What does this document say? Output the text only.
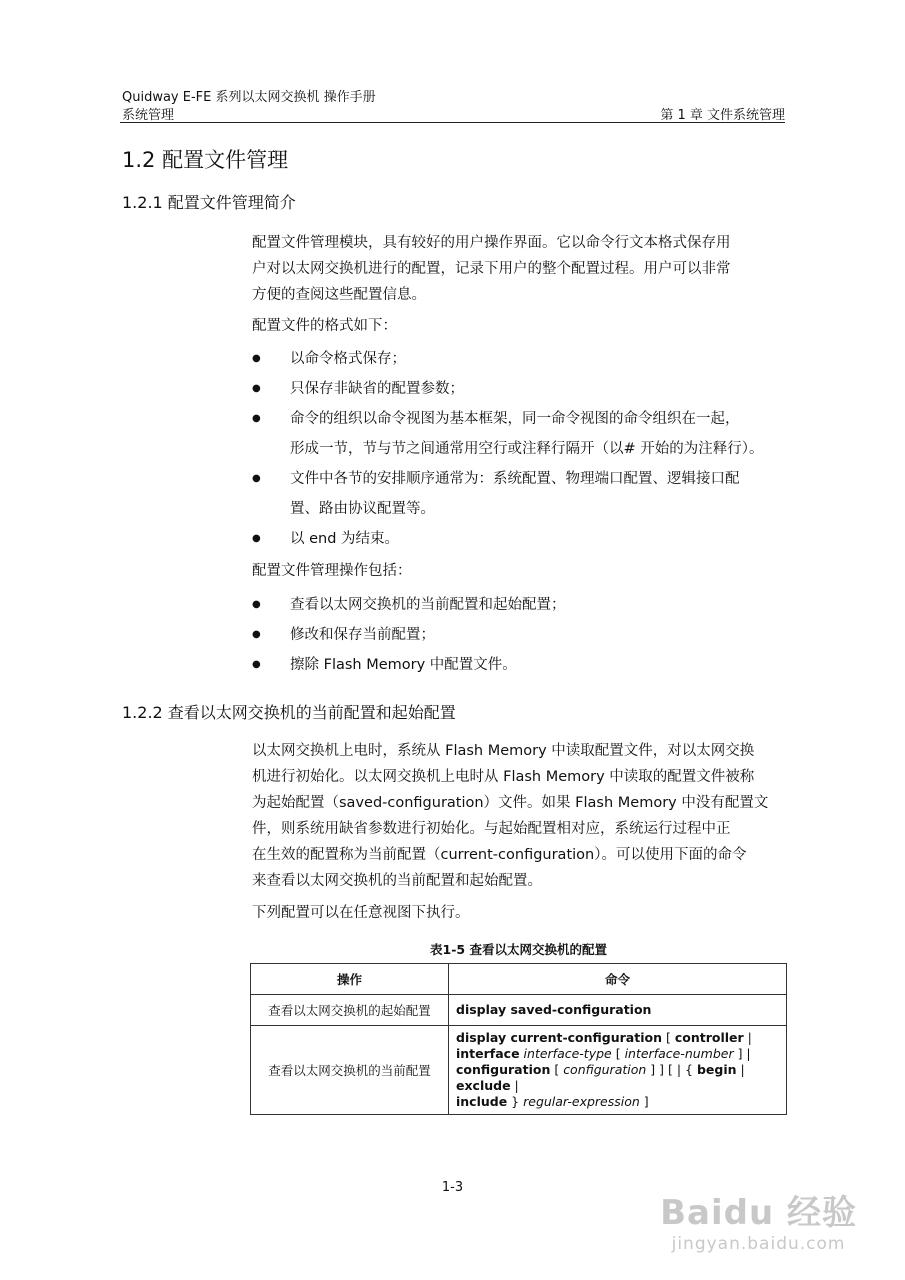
Quidway E-FE 系列以太网交换机 操作手册
系统管理	第 1 章 文件系统管理
1.2 配置文件管理
1.2.1 配置文件管理简介
配置文件管理模块，具有较好的用户操作界面。它以命令行文本格式保存用
户对以太网交换机进行的配置，记录下用户的整个配置过程。用户可以非常
方便的查阅这些配置信息。
配置文件的格式如下：
● 以命令格式保存；
● 只保存非缺省的配置参数；
● 命令的组织以命令视图为基本框架，同一命令视图的命令组织在一起，
形成一节，节与节之间通常用空行或注释行隔开（以# 开始的为注释行）。
● 文件中各节的安排顺序通常为：系统配置、物理端口配置、逻辑接口配
置、路由协议配置等。
● 以 end 为结束。
配置文件管理操作包括：
● 查看以太网交换机的当前配置和起始配置；
● 修改和保存当前配置；
● 擦除 Flash Memory 中配置文件。
1.2.2 查看以太网交换机的当前配置和起始配置
以太网交换机上电时，系统从 Flash Memory 中读取配置文件，对以太网交换
机进行初始化。以太网交换机上电时从 Flash Memory 中读取的配置文件被称
为起始配置（saved-configuration）文件。如果 Flash Memory 中没有配置文
件，则系统用缺省参数进行初始化。与起始配置相对应，系统运行过程中正
在生效的配置称为当前配置（current-configuration）。可以使用下面的命令
来查看以太网交换机的当前配置和起始配置。
下列配置可以在任意视图下执行。
表1-5 查看以太网交换机的配置
操作	命令
查看以太网交换机的起始配置	display saved-configuration
查看以太网交换机的当前配置	display current-configuration [ controller |
interface interface-type [ interface-number ] |
configuration [ configuration ] ] [ | { begin | exclude |
include } regular-expression ]
1-3
Baidu 经验
jingyan.baidu.com
